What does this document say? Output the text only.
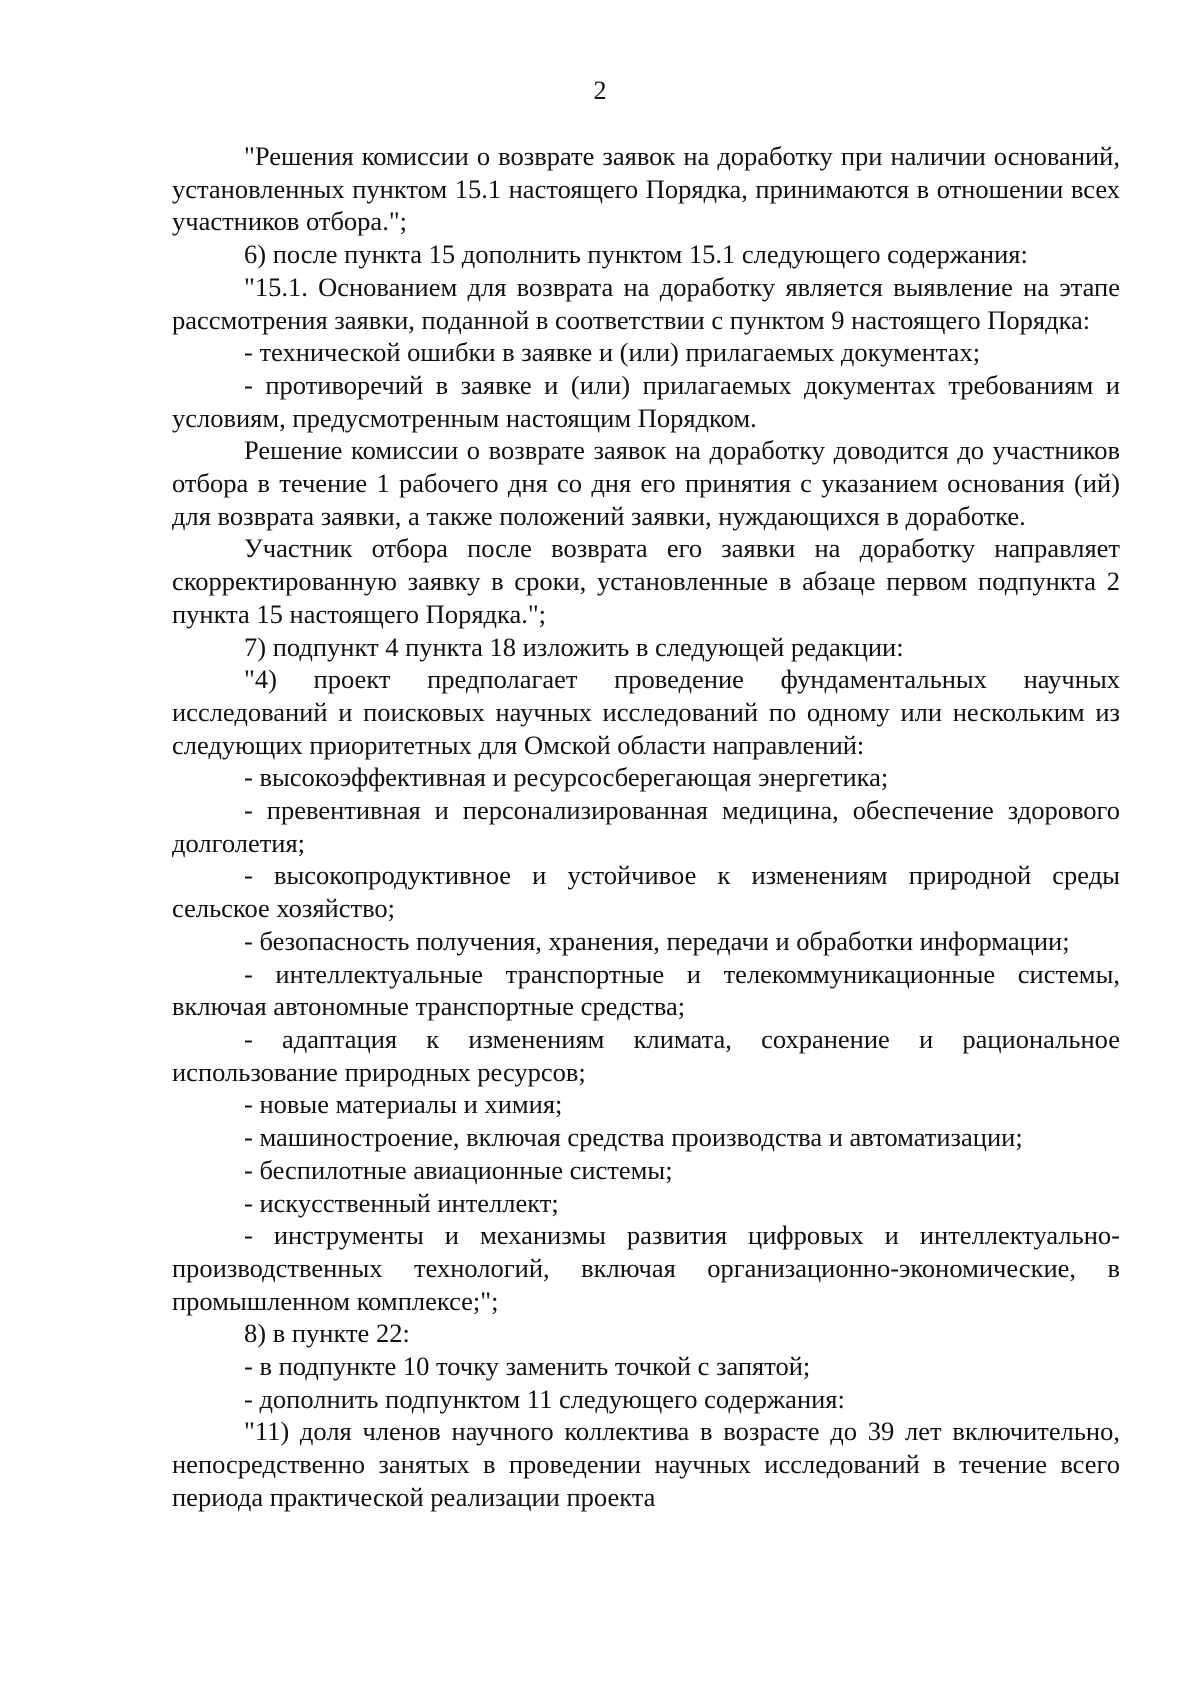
2

"Решения комиссии о возврате заявок на доработку при наличии оснований, установленных пунктом 15.1 настоящего Порядка, принимаются в отношении всех участников отбора.";

6) после пункта 15 дополнить пунктом 15.1 следующего содержания:

"15.1. Основанием для возврата на доработку является выявление на этапе рассмотрения заявки, поданной в соответствии с пунктом 9 настоящего Порядка:

- технической ошибки в заявке и (или) прилагаемых документах;

- противоречий в заявке и (или) прилагаемых документах требованиям и условиям, предусмотренным настоящим Порядком.

Решение комиссии о возврате заявок на доработку доводится до участников отбора в течение 1 рабочего дня со дня его принятия с указанием основания (ий) для возврата заявки, а также положений заявки, нуждающихся в доработке.

Участник отбора после возврата его заявки на доработку направляет скорректированную заявку в сроки, установленные в абзаце первом подпункта 2 пункта 15 настоящего Порядка.";

7) подпункт 4 пункта 18 изложить в следующей редакции:

"4) проект предполагает проведение фундаментальных научных исследований и поисковых научных исследований по одному или нескольким из следующих приоритетных для Омской области направлений:

- высокоэффективная и ресурсосберегающая энергетика;

- превентивная и персонализированная медицина, обеспечение здорового долголетия;

- высокопродуктивное и устойчивое к изменениям природной среды сельское хозяйство;

- безопасность получения, хранения, передачи и обработки информации;

- интеллектуальные транспортные и телекоммуникационные системы, включая автономные транспортные средства;

- адаптация к изменениям климата, сохранение и рациональное использование природных ресурсов;

- новые материалы и химия;

- машиностроение, включая средства производства и автоматизации;

- беспилотные авиационные системы;

- искусственный интеллект;

- инструменты и механизмы развития цифровых и интеллектуально-производственных технологий, включая организационно-экономические, в промышленном комплексе;";

8) в пункте 22:

- в подпункте 10 точку заменить точкой с запятой;

- дополнить подпунктом 11 следующего содержания:

"11) доля членов научного коллектива в возрасте до 39 лет включительно, непосредственно занятых в проведении научных исследований в течение всего периода практической реализации проекта
